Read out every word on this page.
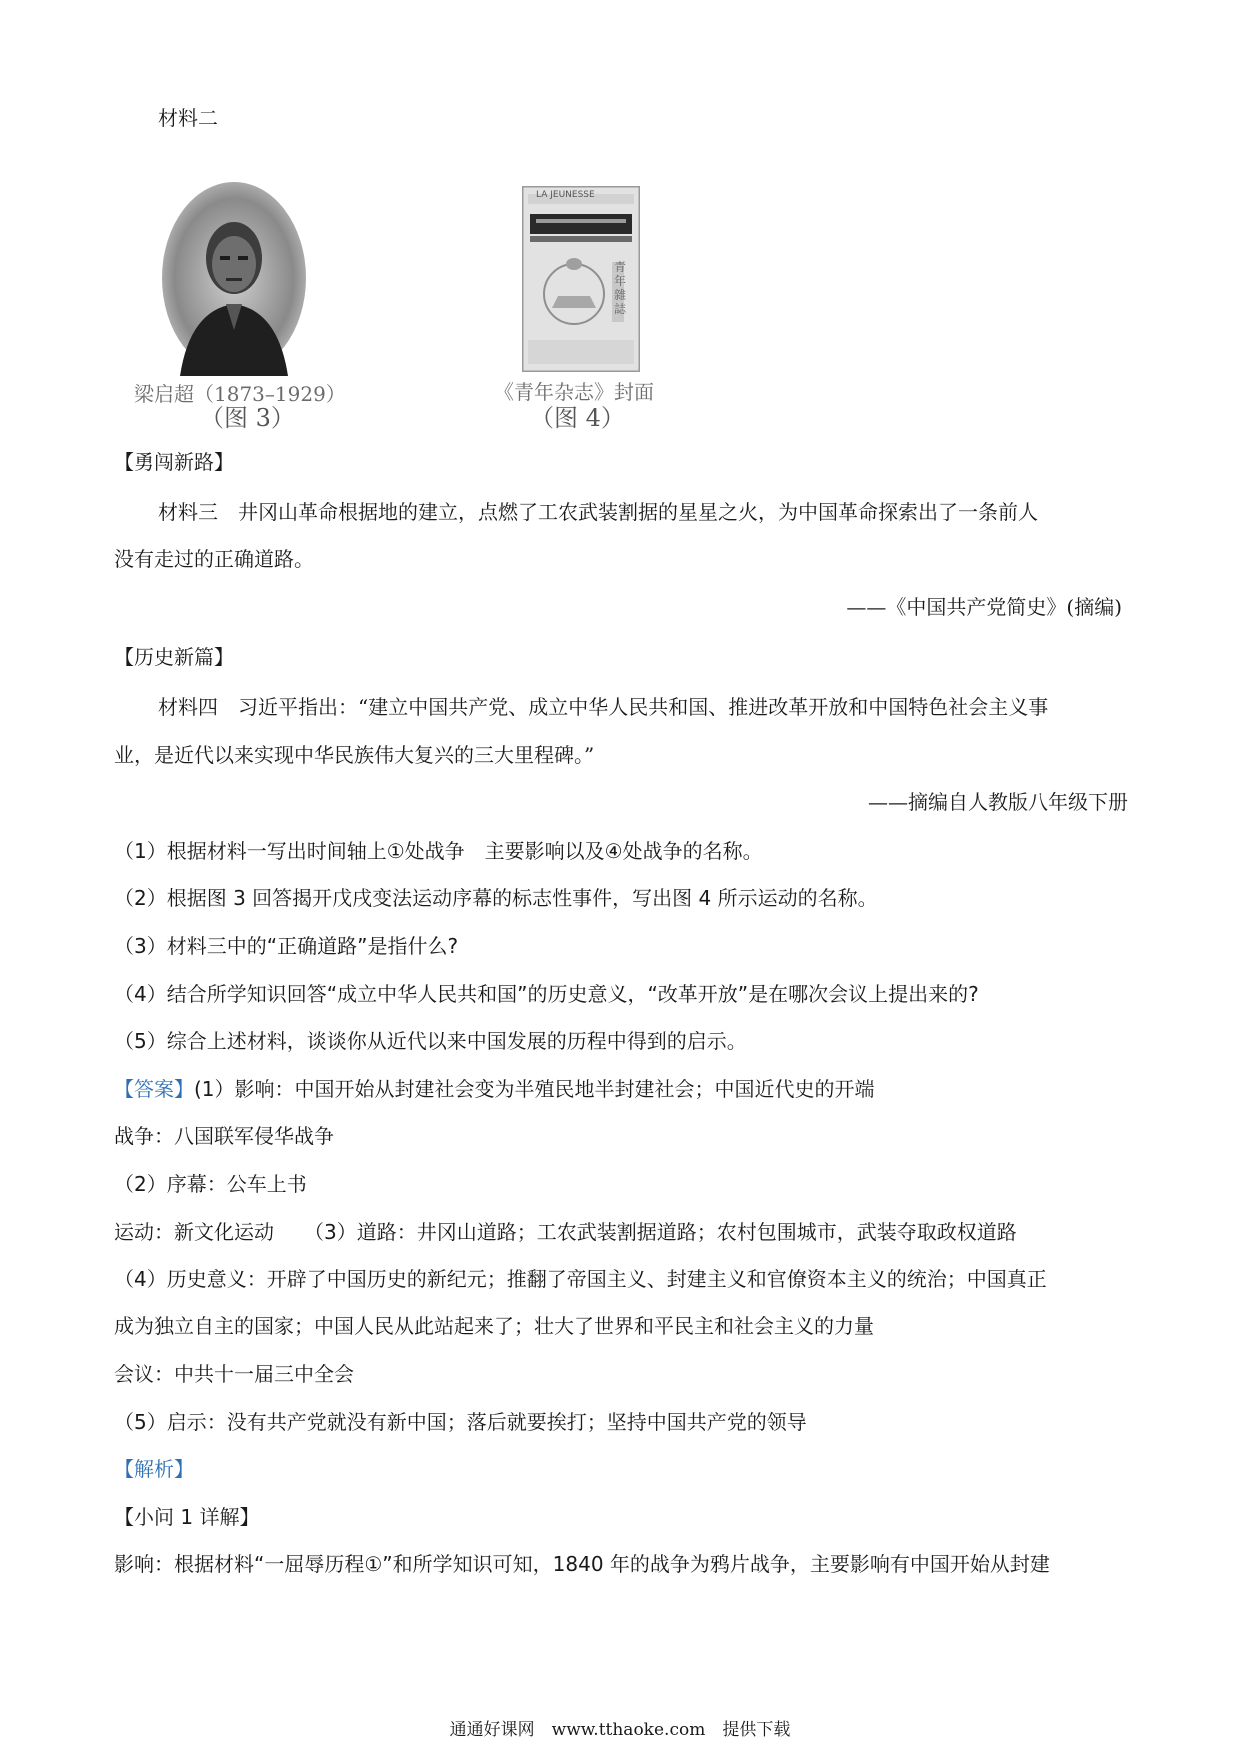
材料二
梁启超（1873–1929）
（图 3）
LA JEUNESSE
青
年
雜
誌
《青年杂志》封面
（图 4）
【勇闯新路】
材料三　井冈山革命根据地的建立，点燃了工农武装割据的星星之火，为中国革命探索出了一条前人
没有走过的正确道路。
——《中国共产党简史》(摘编)
【历史新篇】
材料四　习近平指出：“建立中国共产党、成立中华人民共和国、推进改革开放和中国特色社会主义事
业，是近代以来实现中华民族伟大复兴的三大里程碑。”
——摘编自人教版八年级下册
（1）根据材料一写出时间轴上①处战争　主要影响以及④处战争的名称。
（2）根据图 3 回答揭开戊戌变法运动序幕的标志性事件，写出图 4 所示运动的名称。
（3）材料三中的“正确道路”是指什么?
（4）结合所学知识回答“成立中华人民共和国”的历史意义，“改革开放”是在哪次会议上提出来的?
（5）综合上述材料，谈谈你从近代以来中国发展的历程中得到的启示。
【答案】(1）影响：中国开始从封建社会变为半殖民地半封建社会；中国近代史的开端
战争：八国联军侵华战争
（2）序幕：公车上书
运动：新文化运动　　（3）道路：井冈山道路；工农武装割据道路；农村包围城市，武装夺取政权道路
（4）历史意义：开辟了中国历史的新纪元；推翻了帝国主义、封建主义和官僚资本主义的统治；中国真正
成为独立自主的国家；中国人民从此站起来了；壮大了世界和平民主和社会主义的力量
会议：中共十一届三中全会
（5）启示：没有共产党就没有新中国；落后就要挨打；坚持中国共产党的领导
【解析】
【小问 1 详解】
影响：根据材料“一屈辱历程①”和所学知识可知，1840 年的战争为鸦片战争，主要影响有中国开始从封建
通通好课网　www.tthaoke.com　提供下载
